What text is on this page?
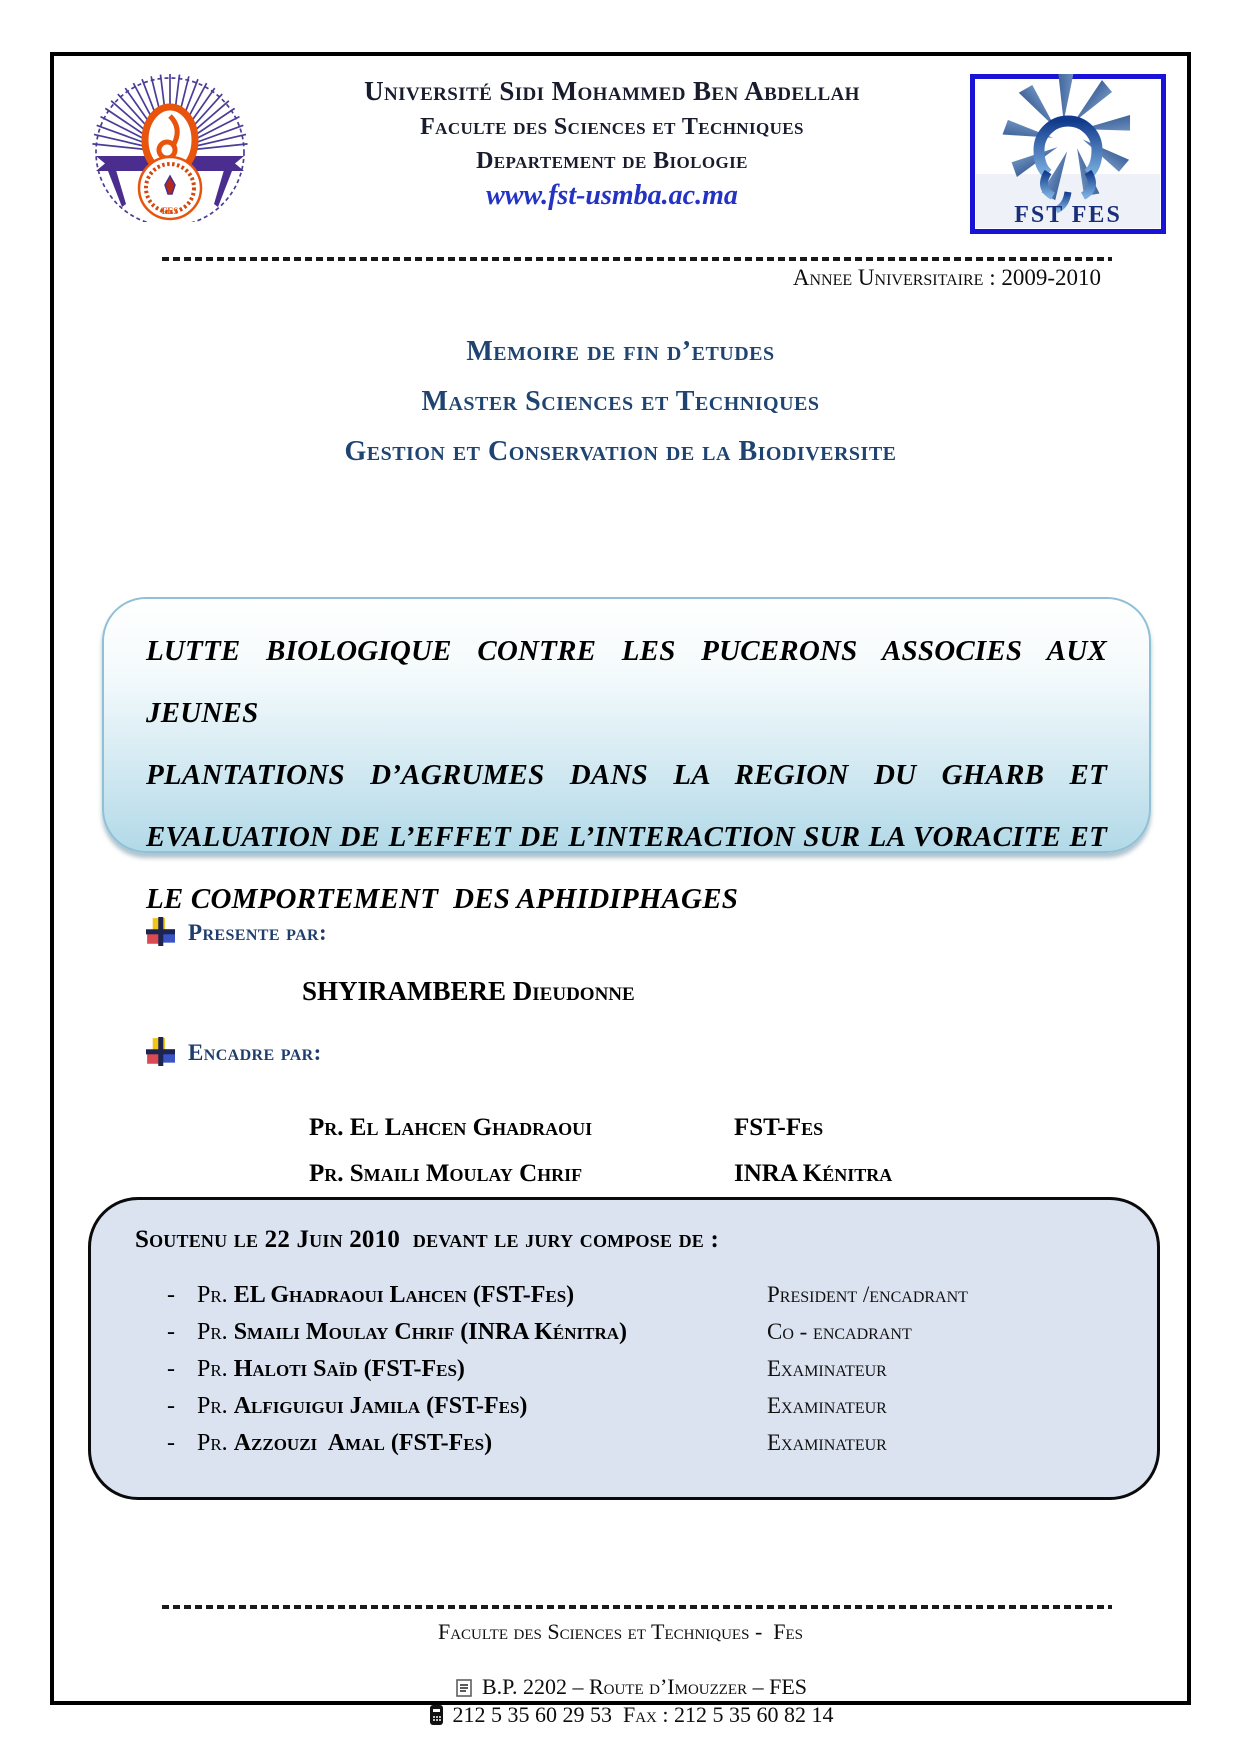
FES
Université Sidi Mohammed Ben Abdellah
Faculte des Sciences et Techniques
Departement de Biologie
www.fst-usmba.ac.ma
FST FES
Annee Universitaire : 2009-2010
Memoire de fin d’etudes
Master Sciences et Techniques
Gestion et Conservation de la Biodiversite
LUTTE BIOLOGIQUE CONTRE LES PUCERONS ASSOCIES AUX JEUNES
PLANTATIONS D’AGRUMES DANS LA REGION DU GHARB ET
EVALUATION DE L’EFFET DE L’INTERACTION SUR LA VORACITE ET
LE COMPORTEMENT  DES APHIDIPHAGES
Presente par:
SHYIRAMBERE Dieudonne
Encadre par:
Pr. El Lahcen Ghadraoui	FST-Fes
Pr. Smaili Moulay Chrif	INRA Kénitra
Soutenu le 22 Juin 2010  devant le jury compose de :
- Pr. EL Ghadraoui Lahcen (FST-Fes)	President /encadrant
- Pr. Smaili Moulay Chrif (INRA Kénitra)	Co - encadrant
- Pr. Haloti Saïd (FST-Fes)	Examinateur
- Pr. Alfiguigui Jamila (FST-Fes)	Examinateur
- Pr. Azzouzi  Amal (FST-Fes)	Examinateur
Faculte des Sciences et Techniques -  Fes

B.P. 2202 – Route d’Imouzzer – FES

212 5 35 60 29 53  Fax : 212 5 35 60 82 14
